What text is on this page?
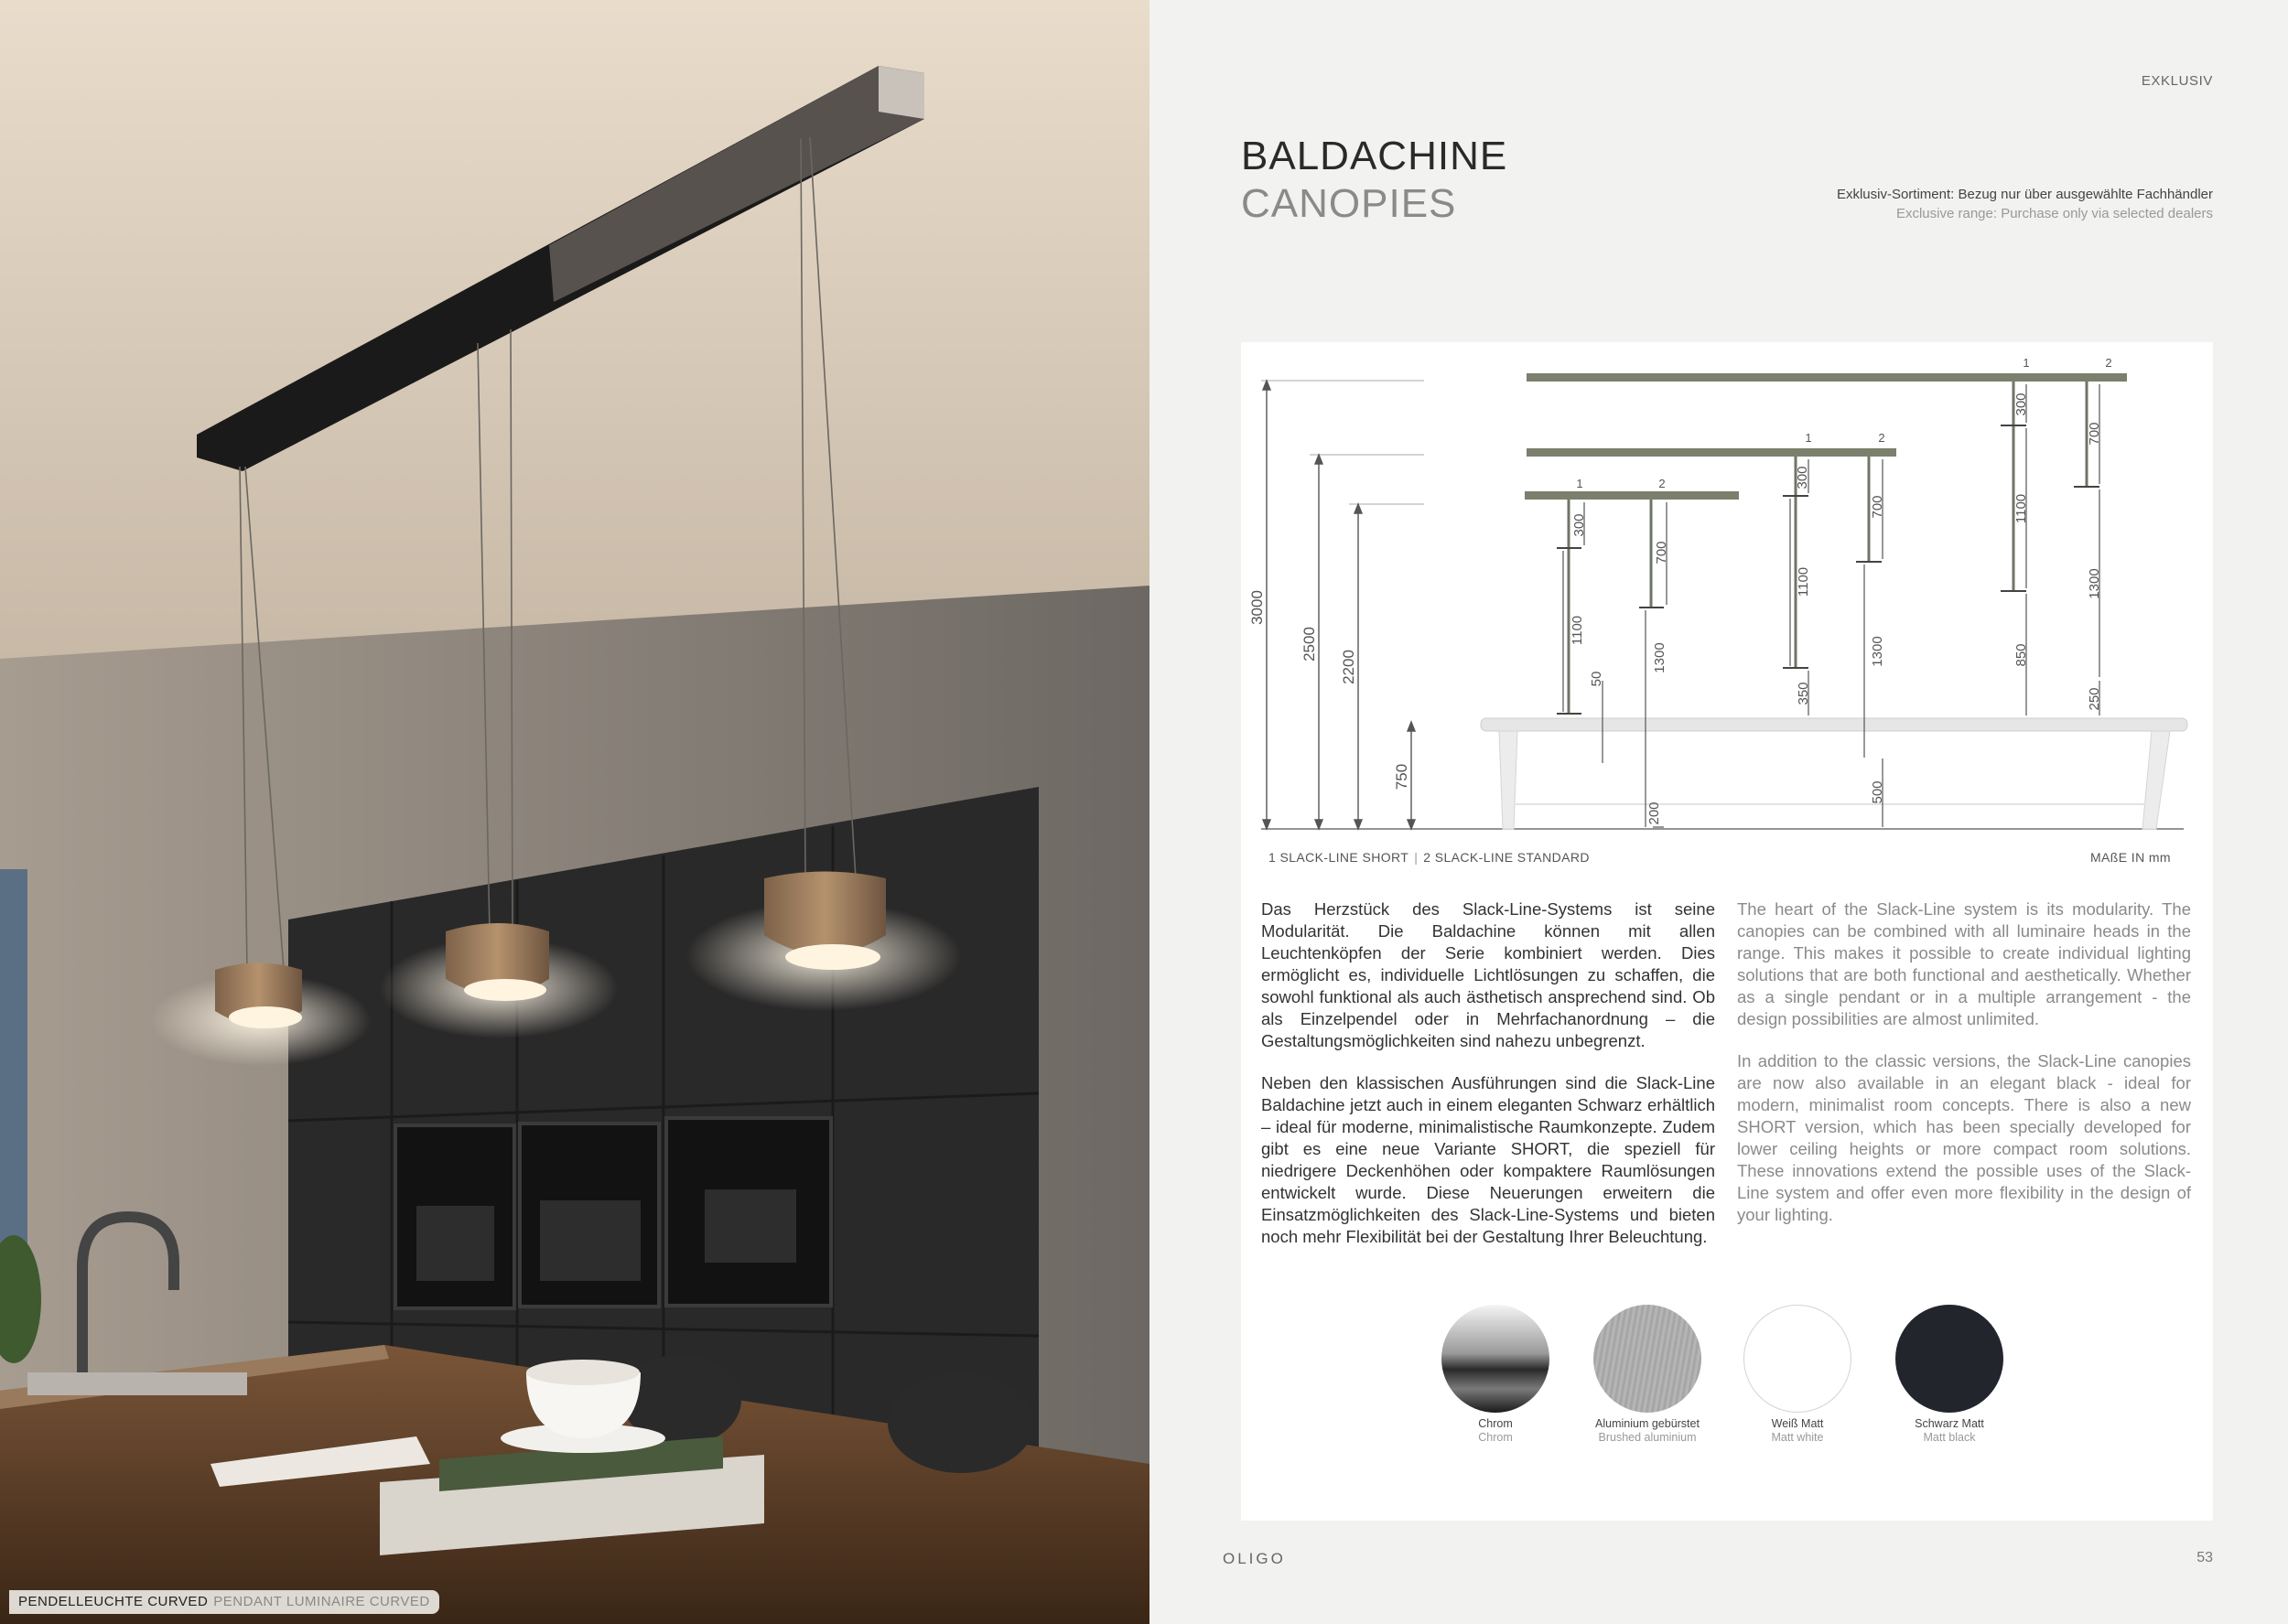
PENDELLEUCHTE CURVED PENDANT LUMINAIRE CURVED
EXKLUSIV
BALDACHINE
CANOPIES	Exklusiv-Sortiment: Bezug nur über ausgewählte Fachhändler
Exclusive range: Purchase only via selected dealers
3000
2500
2200
750
1	2
1	2
1	2
300
700
1100
1300
50
200
300
700
1100
1300
350
500
300
700
1100
1300
850
250
1 SLACK-LINE SHORT | 2 SLACK-LINE STANDARD	MAßE IN mm

Das Herzstück des Slack-Line-Systems ist seine Modularität. Die Baldachine können mit allen Leuchtenköpfen der Serie kombiniert werden. Dies ermöglicht es, individuelle Lichtlösungen zu schaffen, die sowohl funktional als auch ästhetisch ansprechend sind. Ob als Einzelpendel oder in Mehrfachanordnung – die Gestaltungsmöglichkeiten sind nahezu unbegrenzt.

Neben den klassischen Ausführungen sind die Slack-Line Baldachine jetzt auch in einem eleganten Schwarz erhältlich – ideal für moderne, minimalistische Raumkonzepte. Zudem gibt es eine neue Variante SHORT, die speziell für niedrigere Deckenhöhen oder kompaktere Raumlösungen entwickelt wurde. Diese Neuerungen erweitern die Einsatzmöglichkeiten des Slack-Line-Systems und bieten noch mehr Flexibilität bei der Gestaltung Ihrer Beleuchtung.

The heart of the Slack-Line system is its modularity. The canopies can be combined with all luminaire heads in the range. This makes it possible to create individual lighting solutions that are both functional and aesthetically. Whether as a single pendant or in a multiple arrangement - the design possibilities are almost unlimited.

In addition to the classic versions, the Slack-Line canopies are now also available in an elegant black - ideal for modern, minimalist room concepts. There is also a new SHORT version, which has been specially developed for lower ceiling heights or more compact room solutions. These innovations extend the possible uses of the Slack-Line system and offer even more flexibility in the design of your lighting.

Chrom
Chrom
Aluminium gebürstet
Brushed aluminium
Weiß Matt
Matt white
Schwarz Matt
Matt black
OLIGO	53
